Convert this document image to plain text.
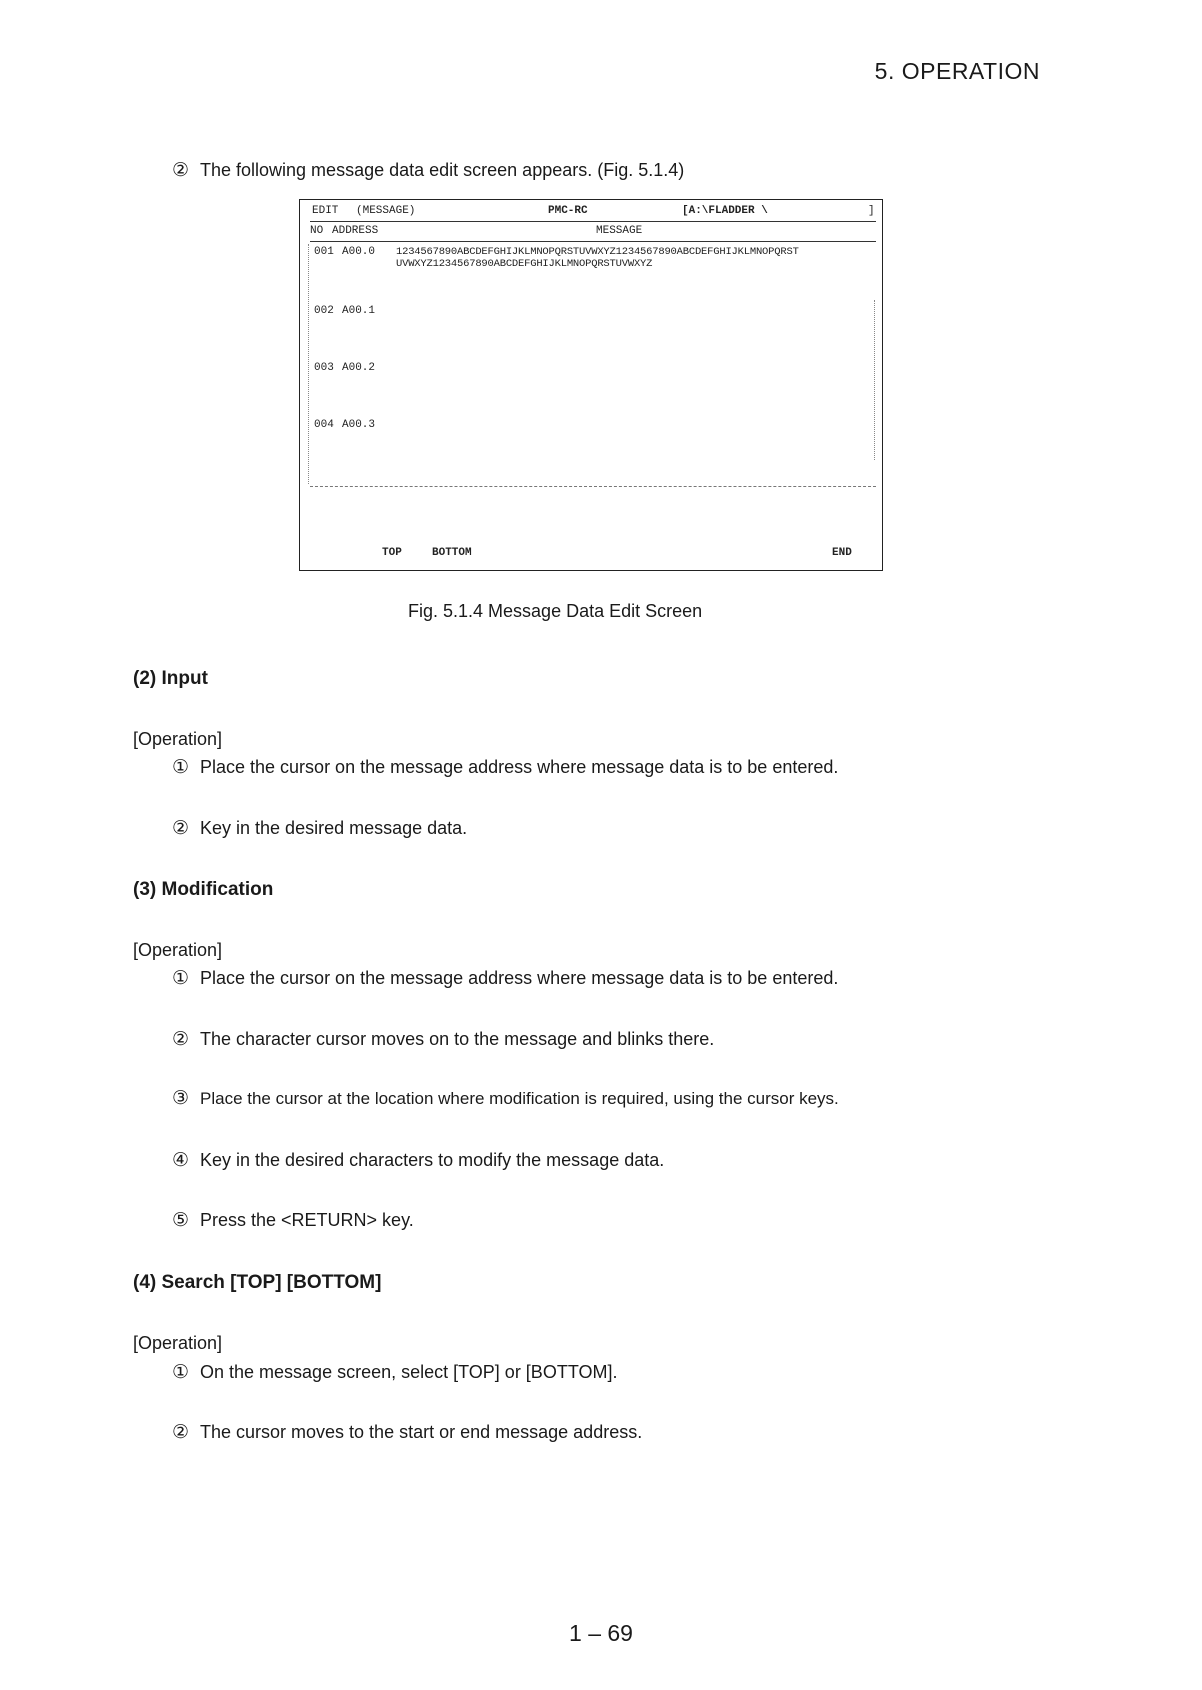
5. OPERATION
② The following message data edit screen appears. (Fig. 5.1.4)
EDIT (MESSAGE)	PMC-RC	[A:\FLADDER \	]
NO ADDRESS	MESSAGE
001 A00.0 1234567890ABCDEFGHIJKLMNOPQRSTUVWXYZ1234567890ABCDEFGHIJKLMNOPQRST
UVWXYZ1234567890ABCDEFGHIJKLMNOPQRSTUVWXYZ
002 A00.1
003 A00.2
004 A00.3
TOP	BOTTOM	END
Fig. 5.1.4 Message Data Edit Screen
(2) Input
[Operation]
① Place the cursor on the message address where message data is to be entered.
② Key in the desired message data.
(3) Modification
[Operation]
① Place the cursor on the message address where message data is to be entered.
② The character cursor moves on to the message and blinks there.
③ Place the cursor at the location where modification is required, using the cursor keys.
④ Key in the desired characters to modify the message data.
⑤ Press the <RETURN> key.
(4) Search [TOP] [BOTTOM]
[Operation]
① On the message screen, select [TOP] or [BOTTOM].
② The cursor moves to the start or end message address.
1 – 69
